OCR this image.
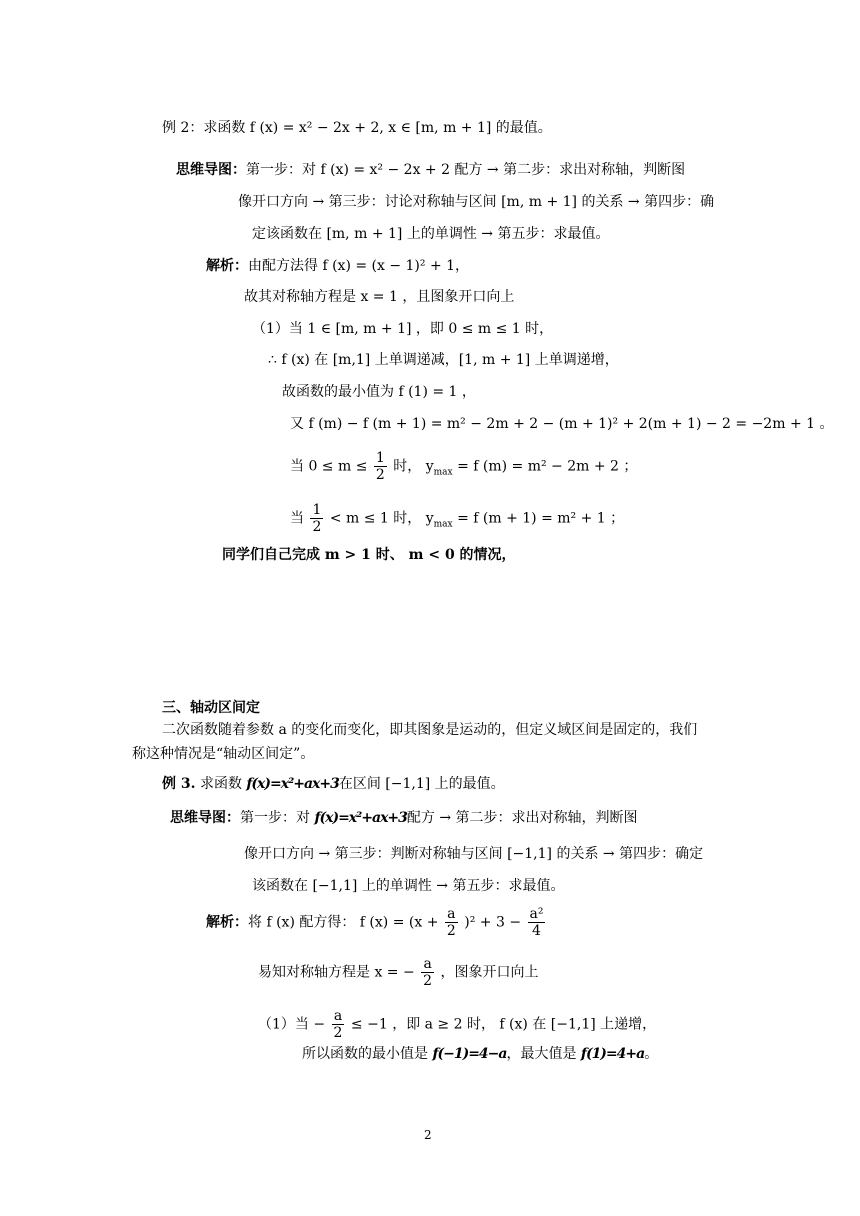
例 2：求函数 f (x) = x² − 2x + 2, x ∈ [m, m + 1] 的最值。
思维导图：第一步：对 f (x) = x² − 2x + 2 配方 → 第二步：求出对称轴，判断图
像开口方向 → 第三步：讨论对称轴与区间 [m, m + 1] 的关系 → 第四步：确
定该函数在 [m, m + 1] 上的单调性 → 第五步：求最值。
解析：由配方法得 f (x) = (x − 1)² + 1，
故其对称轴方程是 x = 1 ，且图象开口向上
（1）当 1 ∈ [m, m + 1] ，即 0 ≤ m ≤ 1 时，
∴ f (x) 在 [m,1] 上单调递减，[1, m + 1] 上单调递增，
故函数的最小值为 f (1) = 1 ，
又 f (m) − f (m + 1) = m² − 2m + 2 − (m + 1)² + 2(m + 1) − 2 = −2m + 1 。
当 $0 \le m \le \frac{1}{2}$ 时， $y_{max} = f$ (m) = m² − 2m + 2 ；
当 $\frac{1}{2} < m \le 1$ 时， $y_{max} = f$ (m + 1) = m² + 1 ；
同学们自己完成 m > 1 时、 m < 0 的情况，
三、轴动区间定
二次函数随着参数 a 的变化而变化，即其图象是运动的，但定义域区间是固定的，我们
称这种情况是“轴动区间定”。
例 3. 求函数 f(x)=x²+ax+3在区间 [−1,1] 上的最值。
思维导图：第一步：对 f(x)=x²+ax+3配方 → 第二步：求出对称轴，判断图
像开口方向 → 第三步：判断对称轴与区间 [−1,1] 的关系 → 第四步：确定
该函数在 [−1,1] 上的单调性 → 第五步：求最值。
解析：将 f (x) 配方得： f $(x) = (x + \frac{a}{2} )^2 + 3 - \frac{\text{a²}}{4}$
易知对称轴方程是 x = − $\frac{a}{2}$ ，图象开口向上
（1）当 − $\frac{a}{2} \le -1$ ，即 a ≥ 2 时， f (x) 在 [−1,1] 上递增，
所以函数的最小值是 f(−1)=4−a，最大值是 f(1)=4+a。
2
